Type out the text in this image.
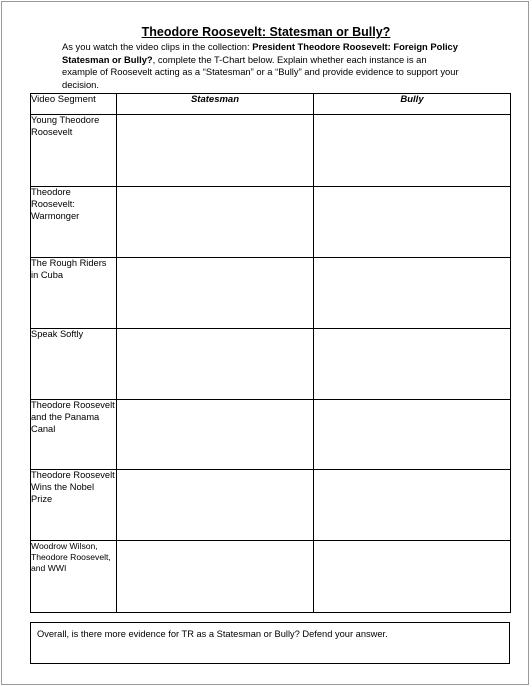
Theodore Roosevelt: Statesman or Bully?
As you watch the video clips in the collection: President Theodore Roosevelt: Foreign Policy
Statesman or Bully?, complete the T-Chart below. Explain whether each instance is an
example of Roosevelt acting as a “Statesman” or a “Bully” and provide evidence to support your
decision.
Video Segment	Statesman	Bully
Young Theodore Roosevelt		
Theodore Roosevelt: Warmonger		
The Rough Riders in Cuba		
Speak Softly		
Theodore Roosevelt and the Panama Canal		
Theodore Roosevelt Wins the Nobel Prize		
Woodrow Wilson, Theodore Roosevelt, and WWI		
Overall, is there more evidence for TR as a Statesman or Bully? Defend your answer.
